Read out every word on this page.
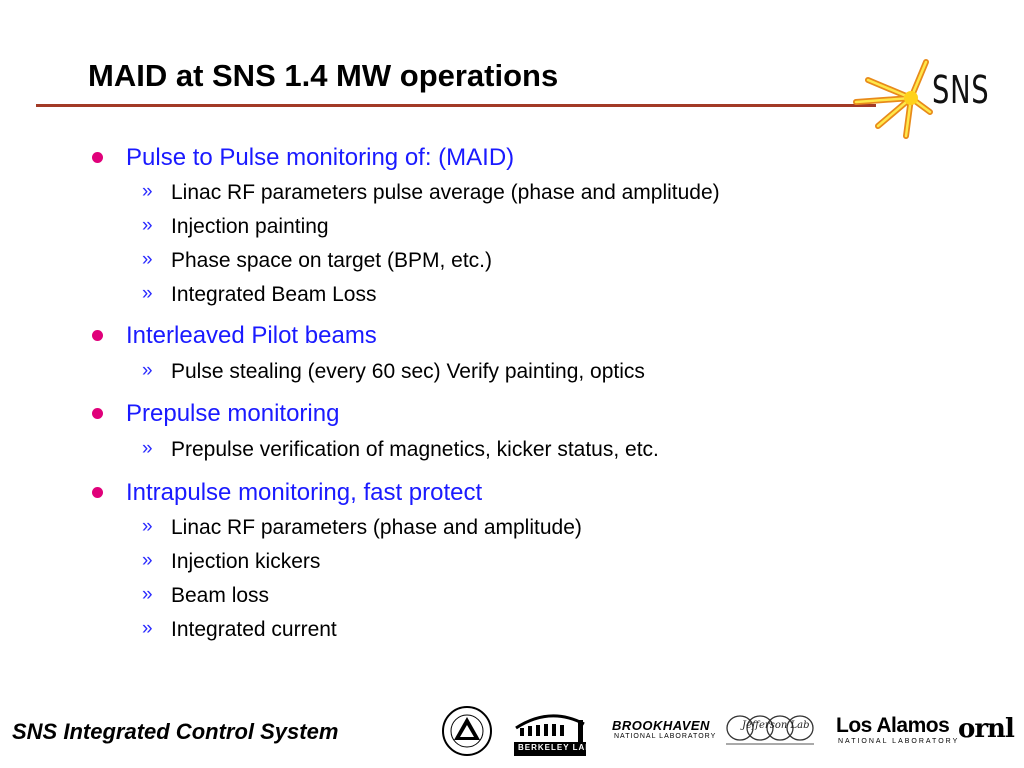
MAID at SNS 1.4 MW operations	SNS
Pulse to Pulse monitoring of: (MAID)
» Linac RF parameters pulse average (phase and amplitude)
» Injection painting
» Phase space on target (BPM, etc.)
» Integrated Beam Loss
Interleaved Pilot beams
» Pulse stealing (every 60 sec) Verify painting, optics
Prepulse monitoring
» Prepulse verification of magnetics, kicker status, etc.
Intrapulse monitoring, fast protect
» Linac RF parameters (phase and amplitude)
» Injection kickers
» Beam loss
» Integrated current
SNS Integrated Control System
BERKELEY LAB
BROOKHAVEN
NATIONAL LABORATORY
Jefferson Lab Los Alamos
NATIONAL LABORATORY
ornl
